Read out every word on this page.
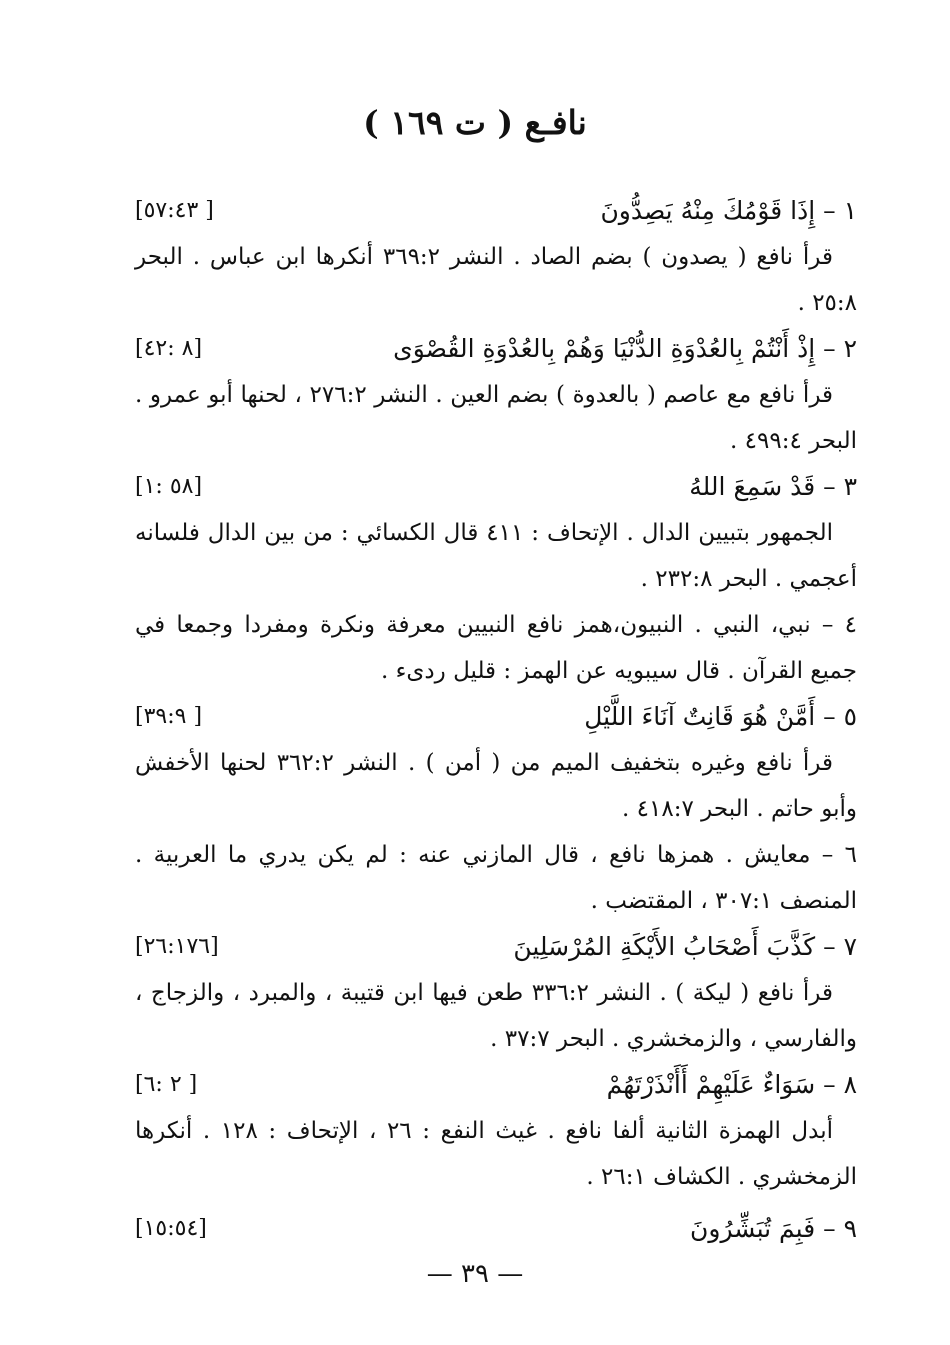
نافـع ( ت ١٦٩ )
١ – إِذَا قَوْمُكَ مِنْهُ يَصِدُّونَ
[٥٧:٤٣ ]

قرأ نافع ( يصدون ) بضم الصاد . النشر ٣٦٩:٢ أنكرها ابن عباس . البحر ٢٥:٨ .

٢ – إِذْ أَنْتُمْ بِالعُدْوَةِ الدُّنْيَا وَهُمْ بِالعُدْوَةِ القُصْوَى
[٨ :٤٢]

قرأ نافع مع عاصم ( بالعدوة ) بضم العين . النشر ٢٧٦:٢ ، لحنها أبو عمرو . البحر ٤٩٩:٤ .

٣ – قَدْ سَمِعَ اللهُ
[٥٨ :١]

الجمهور بتبيين الدال . الإتحاف : ٤١١ قال الكسائي : من بين الدال فلسانه أعجمي . البحر ٢٣٢:٨ .

٤ – نبي، النبي . النبيون،همز نافع النبيين معرفة ونكرة ومفردا وجمعا في جميع القرآن . قال سيبويه عن الهمز : قليل ردىء .

٥ – أَمَّنْ هُوَ قَانِتٌ آنَاءَ اللَّيْلِ
[٣٩:٩ ]

قرأ نافع وغيره بتخفيف الميم من ( أمن ) . النشر ٣٦٢:٢ لحنها الأخفش وأبو حاتم . البحر ٤١٨:٧ .

٦ – معايش . همزها نافع ، قال المازني عنه : لم يكن يدري ما العربية . المنصف ٣٠٧:١ ، المقتضب .

٧ – كَذَّبَ أَصْحَابُ الأَيْكَةِ المُرْسَلِينَ
[٢٦:١٧٦]

قرأ نافع ( ليكة ) . النشر ٣٣٦:٢ طعن فيها ابن قتيبة ، والمبرد ، والزجاج ، والفارسي ، والزمخشري . البحر ٣٧:٧ .

٨ – سَوَاءٌ عَلَيْهِمْ أَأَنْذَرْتَهُمْ
[٢ :٦ ]

أبدل الهمزة الثانية ألفا نافع . غيث النفع : ٢٦ ، الإتحاف : ١٢٨ . أنكرها الزمخشري . الكشاف ٢٦:١ .

٩ – فَبِمَ تُبَشِّرُونَ
[١٥:٥٤]
— ٣٩ —
